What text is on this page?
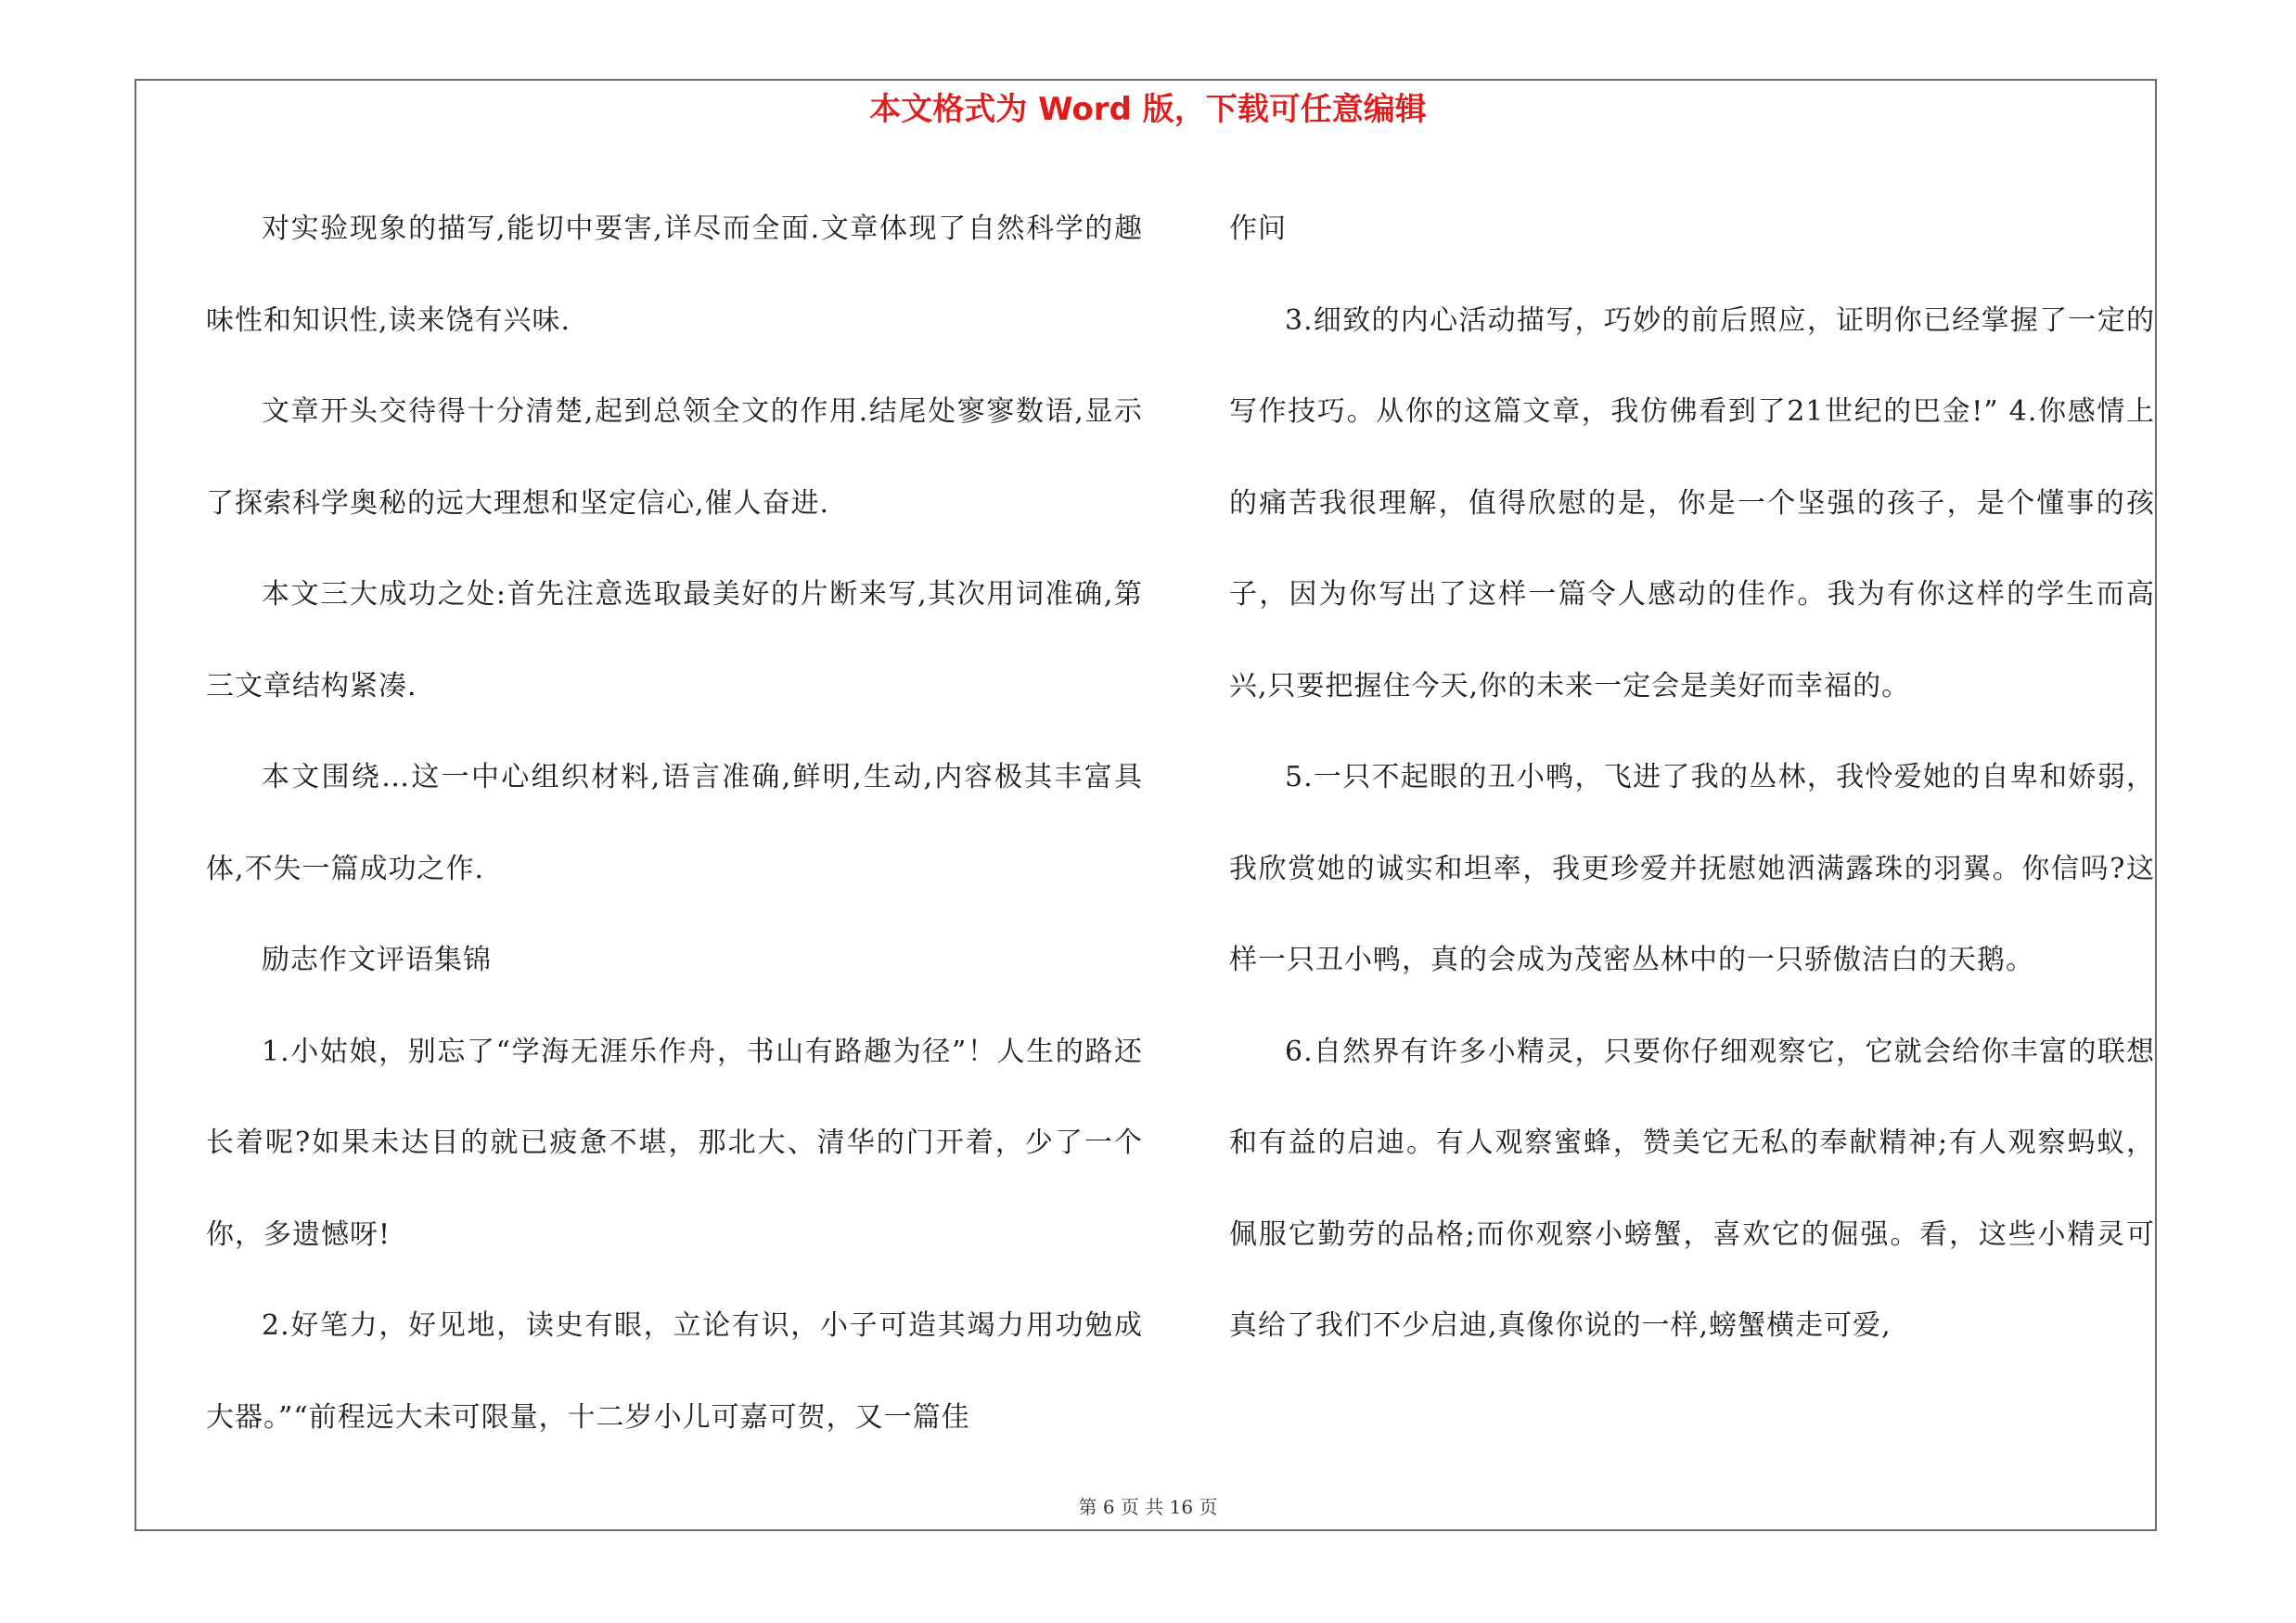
本文格式为 Word 版，下载可任意编辑

对实验现象的描写,能切中要害,详尽而全面.文章体现了自然科学的趣味性和知识性,读来饶有兴味.

文章开头交待得十分清楚,起到总领全文的作用.结尾处寥寥数语,显示了探索科学奥秘的远大理想和坚定信心,催人奋进.

本文三大成功之处:首先注意选取最美好的片断来写,其次用词准确,第三文章结构紧凑.

本文围绕…这一中心组织材料,语言准确,鲜明,生动,内容极其丰富具体,不失一篇成功之作.

励志作文评语集锦

1.小姑娘，别忘了“学海无涯乐作舟，书山有路趣为径”！人生的路还长着呢?如果未达目的就已疲惫不堪，那北大、清华的门开着，少了一个你，多遗憾呀!

2.好笔力，好见地，读史有眼，立论有识，小子可造其竭力用功勉成大器。”“前程远大未可限量，十二岁小儿可嘉可贺，又一篇佳

作问

3.细致的内心活动描写，巧妙的前后照应，证明你已经掌握了一定的写作技巧。从你的这篇文章，我仿佛看到了21世纪的巴金!” 4.你感情上的痛苦我很理解，值得欣慰的是，你是一个坚强的孩子，是个懂事的孩子，因为你写出了这样一篇令人感动的佳作。我为有你这样的学生而高兴,只要把握住今天,你的未来一定会是美好而幸福的。

5.一只不起眼的丑小鸭，飞进了我的丛林，我怜爱她的自卑和娇弱，我欣赏她的诚实和坦率，我更珍爱并抚慰她洒满露珠的羽翼。你信吗?这样一只丑小鸭，真的会成为茂密丛林中的一只骄傲洁白的天鹅。

6.自然界有许多小精灵，只要你仔细观察它，它就会给你丰富的联想和有益的启迪。有人观察蜜蜂，赞美它无私的奉献精神;有人观察蚂蚁，佩服它勤劳的品格;而你观察小螃蟹，喜欢它的倔强。看，这些小精灵可真给了我们不少启迪,真像你说的一样,螃蟹横走可爱,

第 6 页 共 16 页
